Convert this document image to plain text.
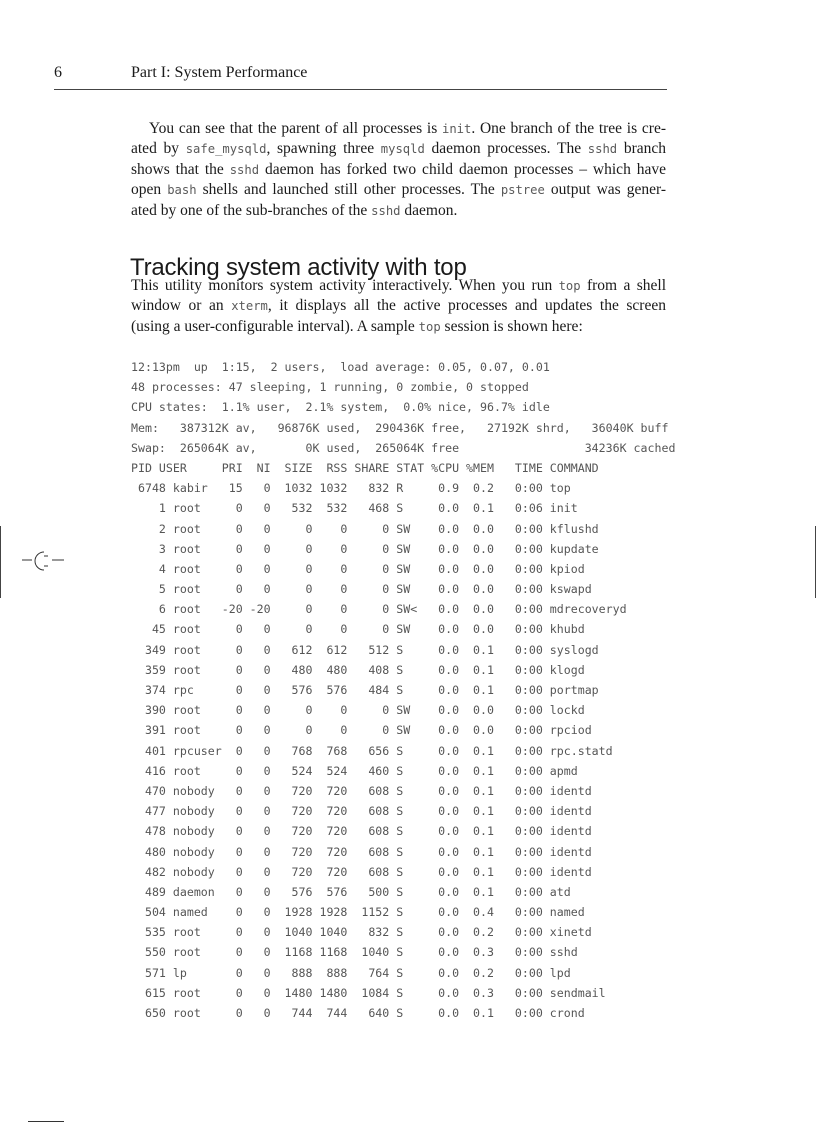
6	Part I: System Performance
You can see that the parent of all processes is init. One branch of the tree is cre-
ated by safe_mysqld, spawning three mysqld daemon processes. The sshd branch
shows that the sshd daemon has forked two child daemon processes – which have
open bash shells and launched still other processes. The pstree output was gener-
ated by one of the sub-branches of the sshd daemon.
Tracking system activity with top
This utility monitors system activity interactively. When you run top from a shell
window or an xterm, it displays all the active processes and updates the screen
(using a user-configurable interval). A sample top session is shown here:
12:13pm  up  1:15,  2 users,  load average: 0.05, 0.07, 0.01
48 processes: 47 sleeping, 1 running, 0 zombie, 0 stopped
CPU states:  1.1% user,  2.1% system,  0.0% nice, 96.7% idle
Mem:   387312K av,   96876K used,  290436K free,   27192K shrd,   36040K buff
Swap:  265064K av,       0K used,  265064K free                  34236K cached
PID USER     PRI  NI  SIZE  RSS SHARE STAT %CPU %MEM   TIME COMMAND
6748 kabir   15   0  1032 1032   832 R     0.9  0.2   0:00 top
1 root     0   0   532  532   468 S     0.0  0.1   0:06 init
2 root     0   0     0    0     0 SW    0.0  0.0   0:00 kflushd
3 root     0   0     0    0     0 SW    0.0  0.0   0:00 kupdate
4 root     0   0     0    0     0 SW    0.0  0.0   0:00 kpiod
5 root     0   0     0    0     0 SW    0.0  0.0   0:00 kswapd
6 root   -20 -20     0    0     0 SW<   0.0  0.0   0:00 mdrecoveryd
45 root     0   0     0    0     0 SW    0.0  0.0   0:00 khubd
349 root     0   0   612  612   512 S     0.0  0.1   0:00 syslogd
359 root     0   0   480  480   408 S     0.0  0.1   0:00 klogd
374 rpc      0   0   576  576   484 S     0.0  0.1   0:00 portmap
390 root     0   0     0    0     0 SW    0.0  0.0   0:00 lockd
391 root     0   0     0    0     0 SW    0.0  0.0   0:00 rpciod
401 rpcuser  0   0   768  768   656 S     0.0  0.1   0:00 rpc.statd
416 root     0   0   524  524   460 S     0.0  0.1   0:00 apmd
470 nobody   0   0   720  720   608 S     0.0  0.1   0:00 identd
477 nobody   0   0   720  720   608 S     0.0  0.1   0:00 identd
478 nobody   0   0   720  720   608 S     0.0  0.1   0:00 identd
480 nobody   0   0   720  720   608 S     0.0  0.1   0:00 identd
482 nobody   0   0   720  720   608 S     0.0  0.1   0:00 identd
489 daemon   0   0   576  576   500 S     0.0  0.1   0:00 atd
504 named    0   0  1928 1928  1152 S     0.0  0.4   0:00 named
535 root     0   0  1040 1040   832 S     0.0  0.2   0:00 xinetd
550 root     0   0  1168 1168  1040 S     0.0  0.3   0:00 sshd
571 lp       0   0   888  888   764 S     0.0  0.2   0:00 lpd
615 root     0   0  1480 1480  1084 S     0.0  0.3   0:00 sendmail
650 root     0   0   744  744   640 S     0.0  0.1   0:00 crond
